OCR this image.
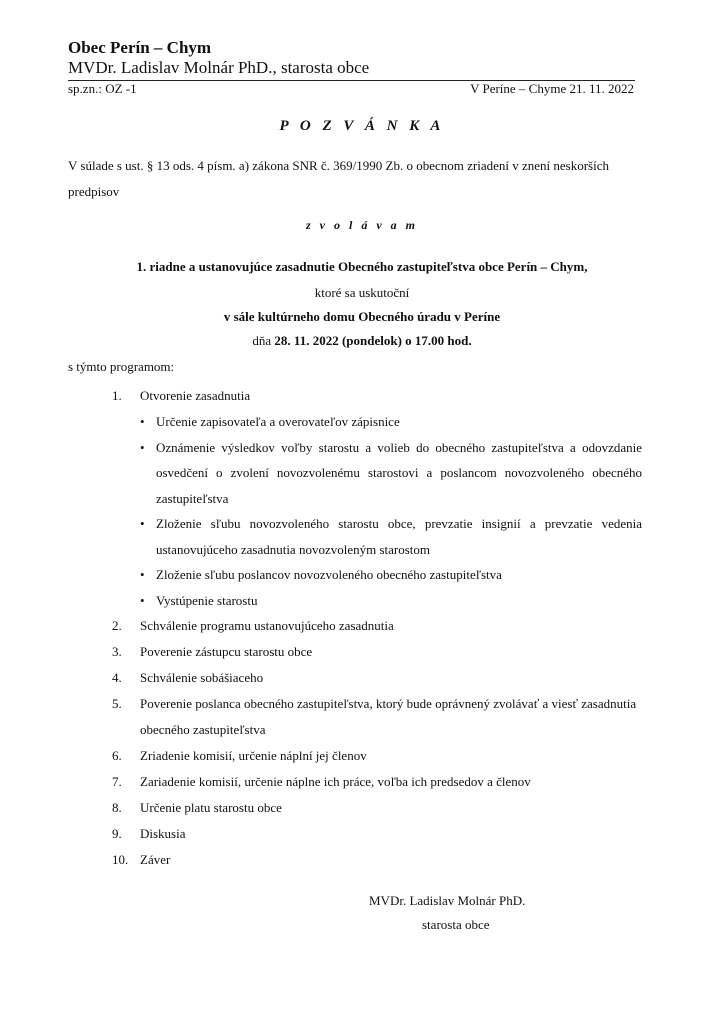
Obec Perín – Chym
MVDr. Ladislav Molnár PhD., starosta obce
sp.zn.: OZ -1	V Períne – Chyme 21. 11. 2022
P O Z V Á N K A
V súlade s ust. § 13 ods. 4 písm. a) zákona SNR č. 369/1990 Zb. o obecnom zriadení v znení neskorších predpisov
z v o l á v a m
1. riadne a ustanovujúce zasadnutie Obecného zastupiteľstva obce Perín – Chym,
ktoré sa uskutoční
v sále kultúrneho domu Obecného úradu v Períne
dňa 28. 11. 2022 (pondelok) o 17.00 hod.
s týmto programom:
1.	Otvorenie zasadnutia
• Určenie zapisovateľa a overovateľov zápisnice
• Oznámenie výsledkov voľby starostu a volieb do obecného zastupiteľstva a odovzdanie osvedčení o zvolení novozvolenému starostovi a poslancom novozvoleného obecného zastupiteľstva
• Zloženie sľubu novozvoleného starostu obce, prevzatie insignií a prevzatie vedenia ustanovujúceho zasadnutia novozvoleným starostom
• Zloženie sľubu poslancov novozvoleného obecného zastupiteľstva
• Vystúpenie starostu
2.	Schválenie programu ustanovujúceho zasadnutia
3.	Poverenie zástupcu starostu obce
4.	Schválenie sobášiaceho
5.	Poverenie poslanca obecného zastupiteľstva, ktorý bude oprávnený zvolávať a viesť zasadnutia obecného zastupiteľstva
6.	Zriadenie komisií, určenie náplní jej členov
7.	Zariadenie komisií, určenie náplne ich práce, voľba ich predsedov a členov
8.	Určenie platu starostu obce
9.	Diskusia
10. Záver
MVDr. Ladislav Molnár PhD.
starosta obce
